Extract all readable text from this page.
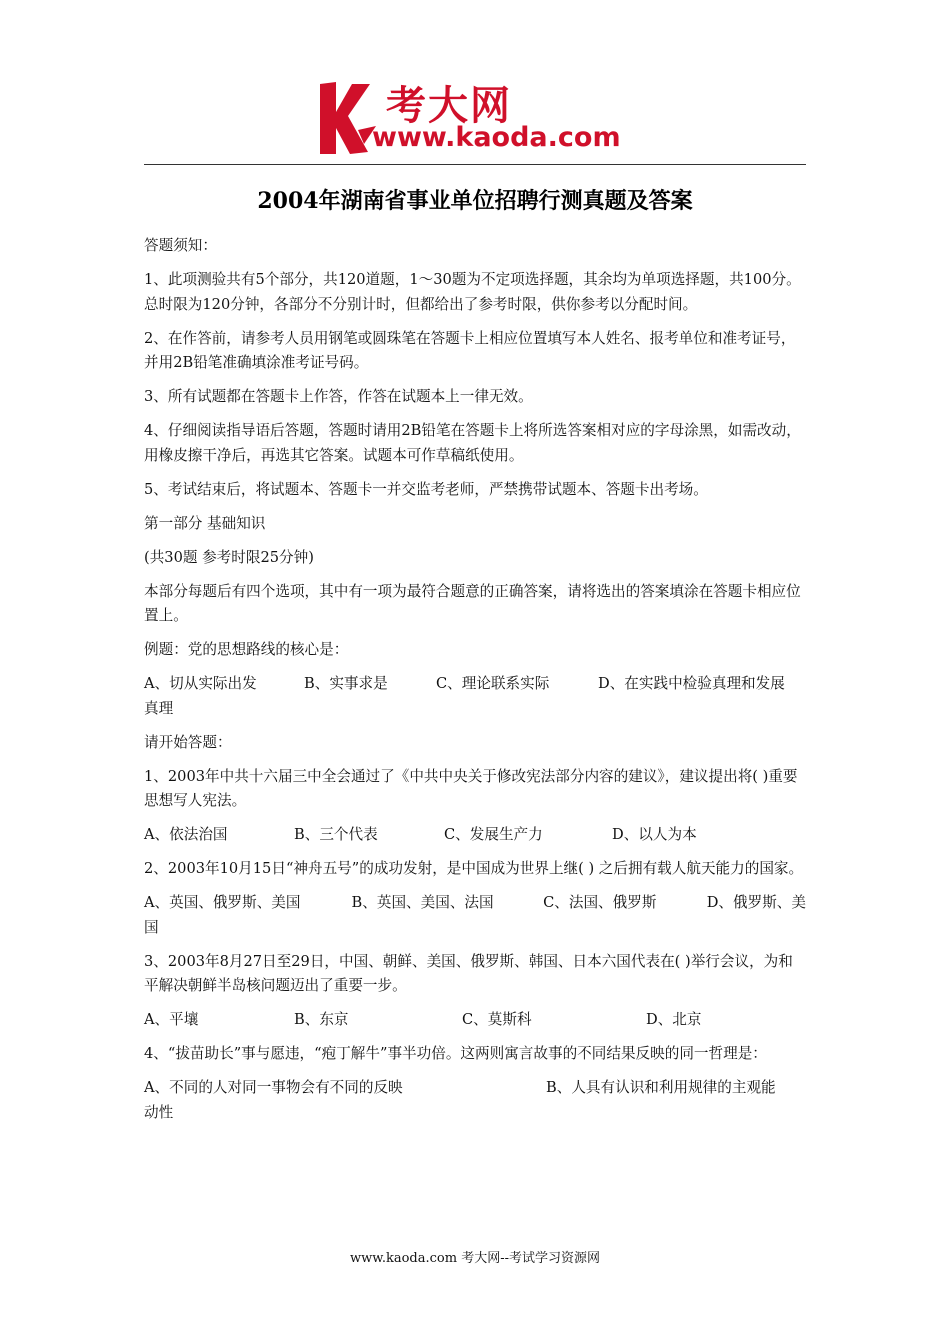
考大网
www.kaoda.com
2004年湖南省事业单位招聘行测真题及答案

答题须知：

1、此项测验共有5个部分，共120道题，1～30题为不定项选择题，其余均为单项选择题，共100分。总时限为120分钟，各部分不分别计时，但都给出了参考时限，供你参考以分配时间。

2、在作答前，请参考人员用钢笔或圆珠笔在答题卡上相应位置填写本人姓名、报考单位和准考证号，并用2B铅笔准确填涂准考证号码。

3、所有试题都在答题卡上作答，作答在试题本上一律无效。

4、仔细阅读指导语后答题，答题时请用2B铅笔在答题卡上将所选答案相对应的字母涂黑，如需改动，用橡皮擦干净后，再选其它答案。试题本可作草稿纸使用。

5、考试结束后，将试题本、答题卡一并交监考老师，严禁携带试题本、答题卡出考场。

第一部分 基础知识

(共30题 参考时限25分钟)

本部分每题后有四个选项，其中有一项为最符合题意的正确答案，请将选出的答案填涂在答题卡相应位置上。

例题：党的思想路线的核心是：

A、切从实际出发	B、实事求是	C、理论联系实际	D、在实践中检验真理和发展
真理

请开始答题：

1、2003年中共十六届三中全会通过了《中共中央关于修改宪法部分内容的建议》，建议提出将( )重要思想写人宪法。

A、依法治国	B、三个代表	C、发展生产力	D、以人为本

2、2003年10月15日“神舟五号”的成功发射，是中国成为世界上继( ) 之后拥有载人航天能力的国家。

A、英国、俄罗斯、美国	B、英国、美国、法国	C、法国、俄罗斯	D、俄罗斯、美
国

3、2003年8月27日至29日，中国、朝鲜、美国、俄罗斯、韩国、日本六国代表在( )举行会议，为和平解决朝鲜半岛核问题迈出了重要一步。

A、平壤	B、东京	C、莫斯科	D、北京

4、“拔苗助长”事与愿违，“疱丁解牛”事半功倍。这两则寓言故事的不同结果反映的同一哲理是：

A、不同的人对同一事物会有不同的反映	B、人具有认识和利用规律的主观能
动性

www.kaoda.com 考大网--考试学习资源网
